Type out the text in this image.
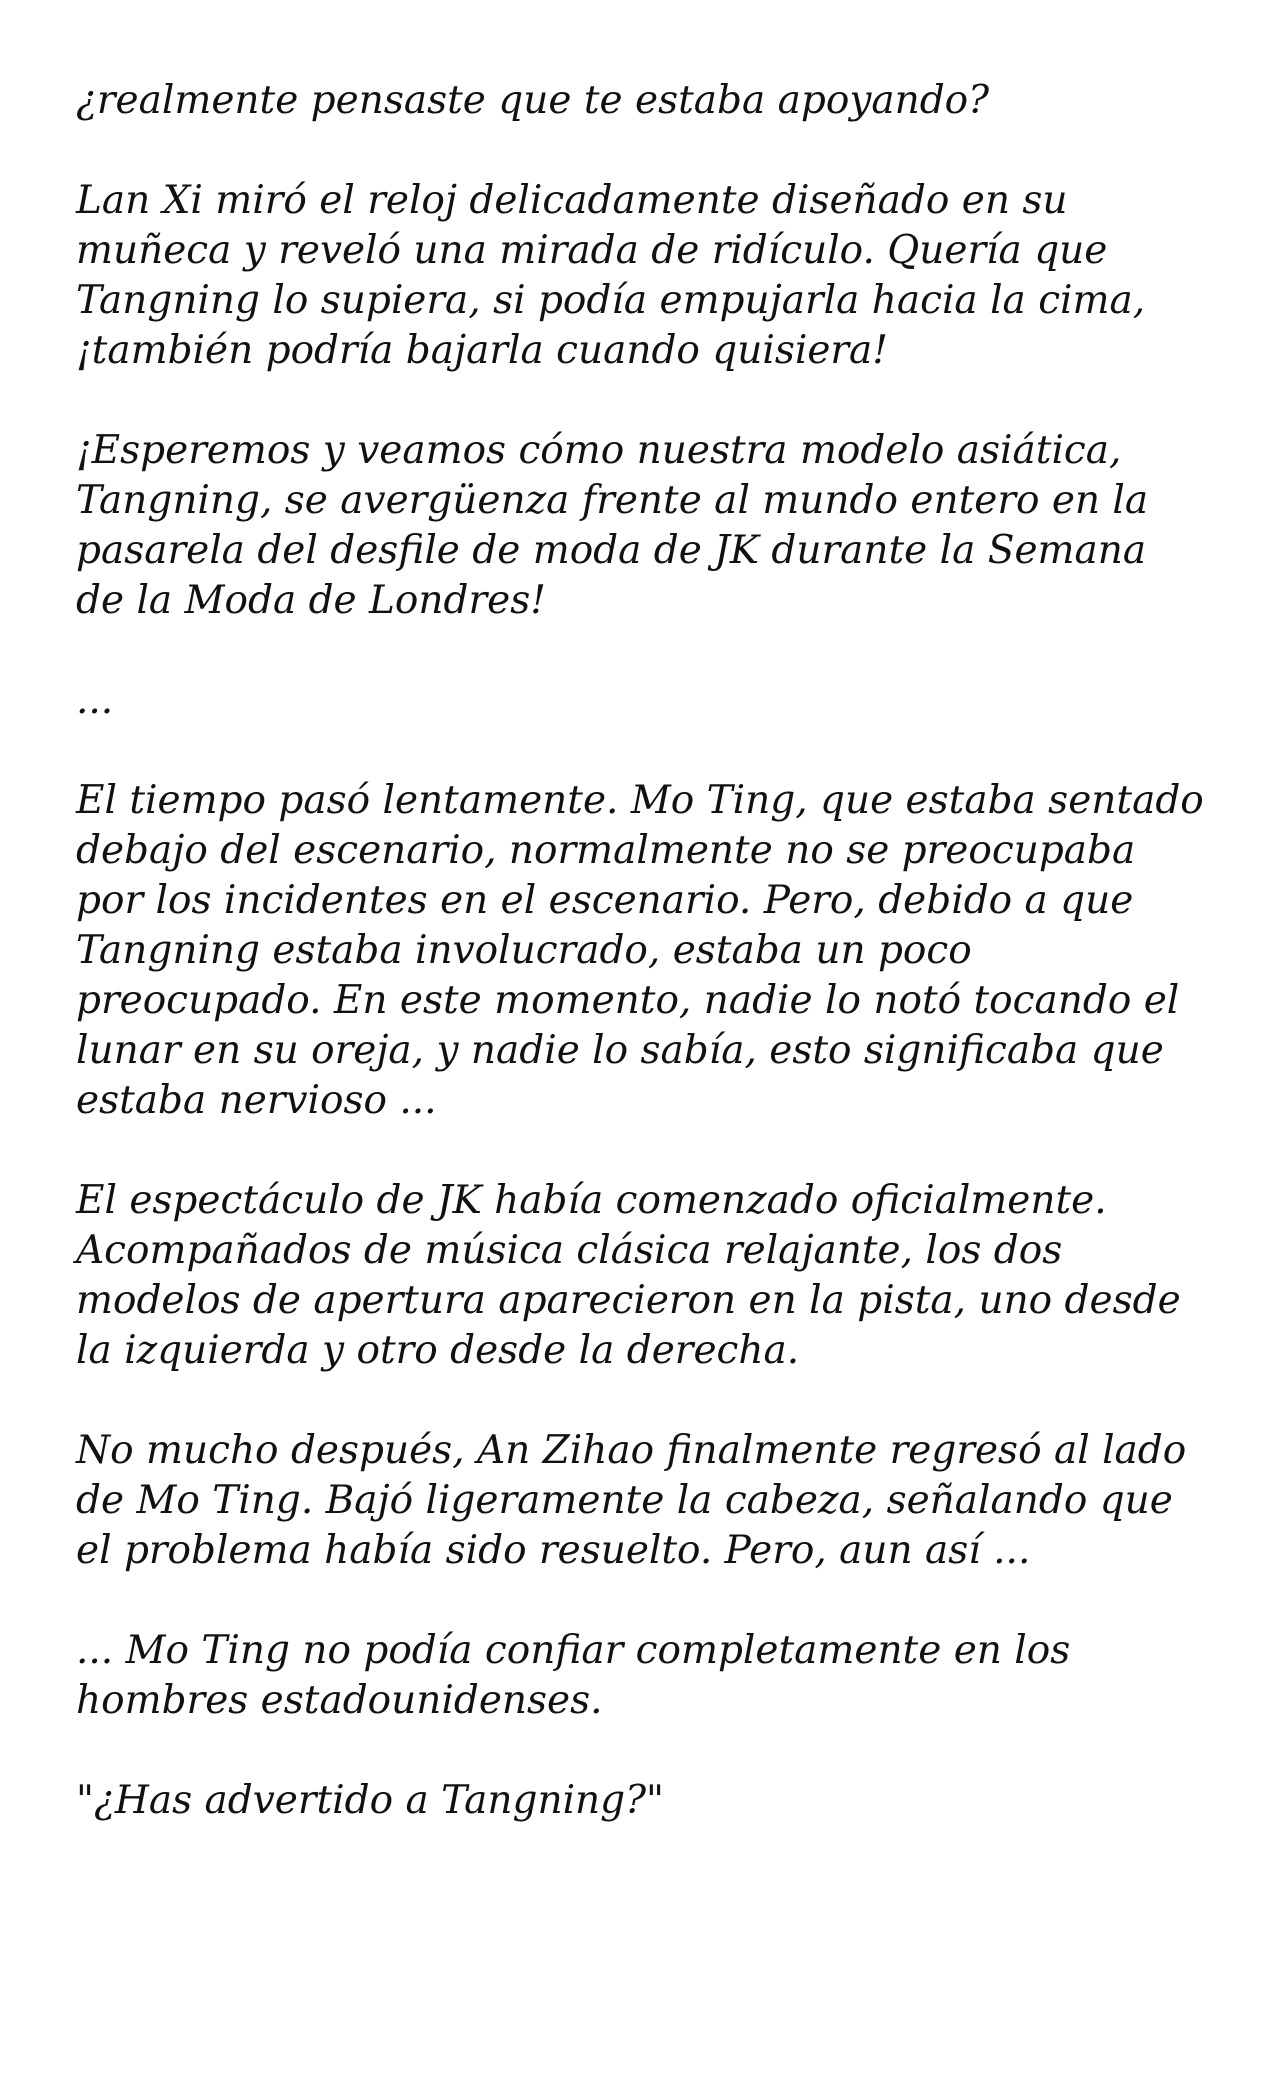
¿realmente pensaste que te estaba apoyando?

Lan Xi miró el reloj delicadamente diseñado en su muñeca y reveló una mirada de ridículo. Quería que Tangning lo supiera, si podía empujarla hacia la cima, ¡también podría bajarla cuando quisiera!

¡Esperemos y veamos cómo nuestra modelo asiática, Tangning, se avergüenza frente al mundo entero en la pasarela del desfile de moda de JK durante la Semana de la Moda de Londres!

...

El tiempo pasó lentamente. Mo Ting, que estaba sentado debajo del escenario, normalmente no se preocupaba por los incidentes en el escenario. Pero, debido a que Tangning estaba involucrado, estaba un poco preocupado. En este momento, nadie lo notó tocando el lunar en su oreja, y nadie lo sabía, esto significaba que estaba nervioso ...

El espectáculo de JK había comenzado oficialmente. Acompañados de música clásica relajante, los dos modelos de apertura aparecieron en la pista, uno desde la izquierda y otro desde la derecha.

No mucho después, An Zihao finalmente regresó al lado de Mo Ting. Bajó ligeramente la cabeza, señalando que el problema había sido resuelto. Pero, aun así ...

... Mo Ting no podía confiar completamente en los hombres estadounidenses.

"¿Has advertido a Tangning?"
